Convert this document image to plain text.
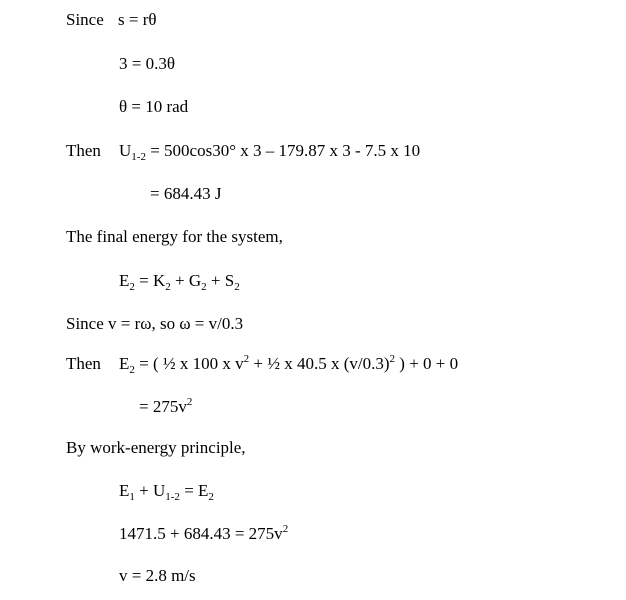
Since s = rθ
3 = 0.3θ
θ = 10 rad
Then $U_{1-2} = 500\cos 30^\circ$ x 3 – 179.87 x 3 - 7.5 x 10
= 684.43 J
The final energy for the system,
$E_2 = K_2 + G_2 + S_2$
Since v = rω, so ω = v/0.3
Then $E_2$ = ( ½ x 100 x $v^2$ + ½ x 40.5 x $(v/0.3)^2$ ) + 0 + 0
= $275v^2$
By work-energy principle,
$E_1 + U_{1-2} = E_2$
$1471.5 + 684.43 = 275v^2$
v = 2.8 m/s
